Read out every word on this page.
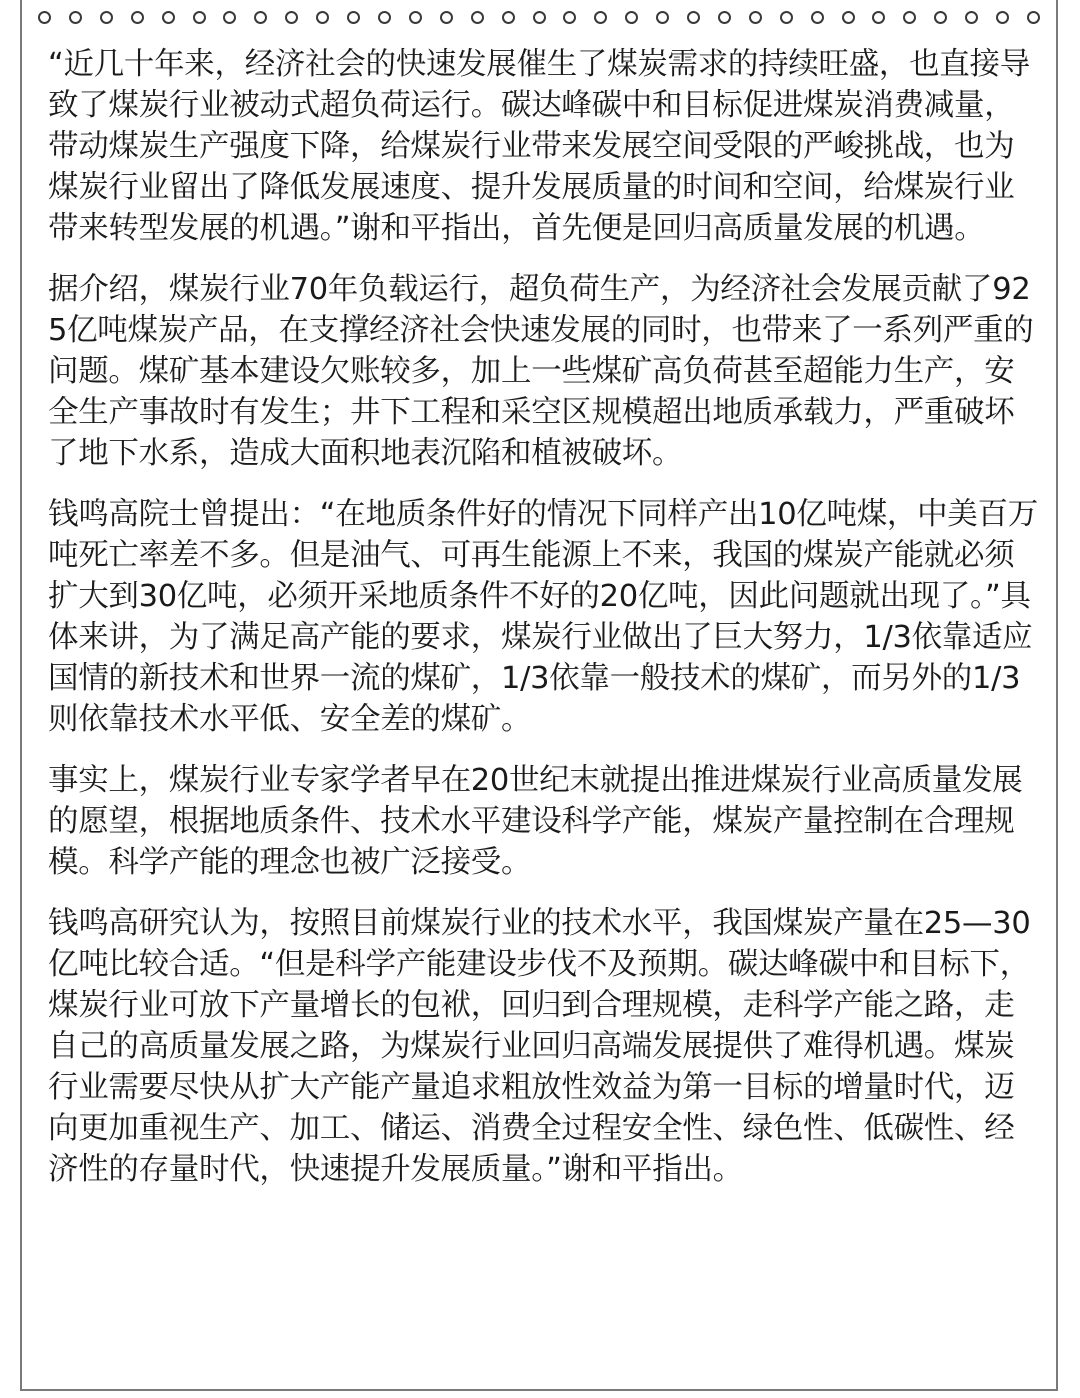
“近几十年来，经济社会的快速发展催生了煤炭需求的持续旺盛，也直接导致了煤炭行业被动式超负荷运行。碳达峰碳中和目标促进煤炭消费减量，带动煤炭生产强度下降，给煤炭行业带来发展空间受限的严峻挑战，也为煤炭行业留出了降低发展速度、提升发展质量的时间和空间，给煤炭行业带来转型发展的机遇。”谢和平指出，首先便是回归高质量发展的机遇。

据介绍，煤炭行业70年负载运行，超负荷生产，为经济社会发展贡献了925亿吨煤炭产品，在支撑经济社会快速发展的同时，也带来了一系列严重的问题。煤矿基本建设欠账较多，加上一些煤矿高负荷甚至超能力生产，安全生产事故时有发生；井下工程和采空区规模超出地质承载力，严重破坏了地下水系，造成大面积地表沉陷和植被破坏。

钱鸣高院士曾提出：“在地质条件好的情况下同样产出10亿吨煤，中美百万吨死亡率差不多。但是油气、可再生能源上不来，我国的煤炭产能就必须扩大到30亿吨，必须开采地质条件不好的20亿吨，因此问题就出现了。”具体来讲，为了满足高产能的要求，煤炭行业做出了巨大努力，1/3依靠适应国情的新技术和世界一流的煤矿，1/3依靠一般技术的煤矿，而另外的1/3则依靠技术水平低、安全差的煤矿。

事实上，煤炭行业专家学者早在20世纪末就提出推进煤炭行业高质量发展的愿望，根据地质条件、技术水平建设科学产能，煤炭产量控制在合理规模。科学产能的理念也被广泛接受。

钱鸣高研究认为，按照目前煤炭行业的技术水平，我国煤炭产量在25—30亿吨比较合适。“但是科学产能建设步伐不及预期。碳达峰碳中和目标下，煤炭行业可放下产量增长的包袱，回归到合理规模，走科学产能之路，走自己的高质量发展之路，为煤炭行业回归高端发展提供了难得机遇。煤炭行业需要尽快从扩大产能产量追求粗放性效益为第一目标的增量时代，迈向更加重视生产、加工、储运、消费全过程安全性、绿色性、低碳性、经济性的存量时代，快速提升发展质量。”谢和平指出。
